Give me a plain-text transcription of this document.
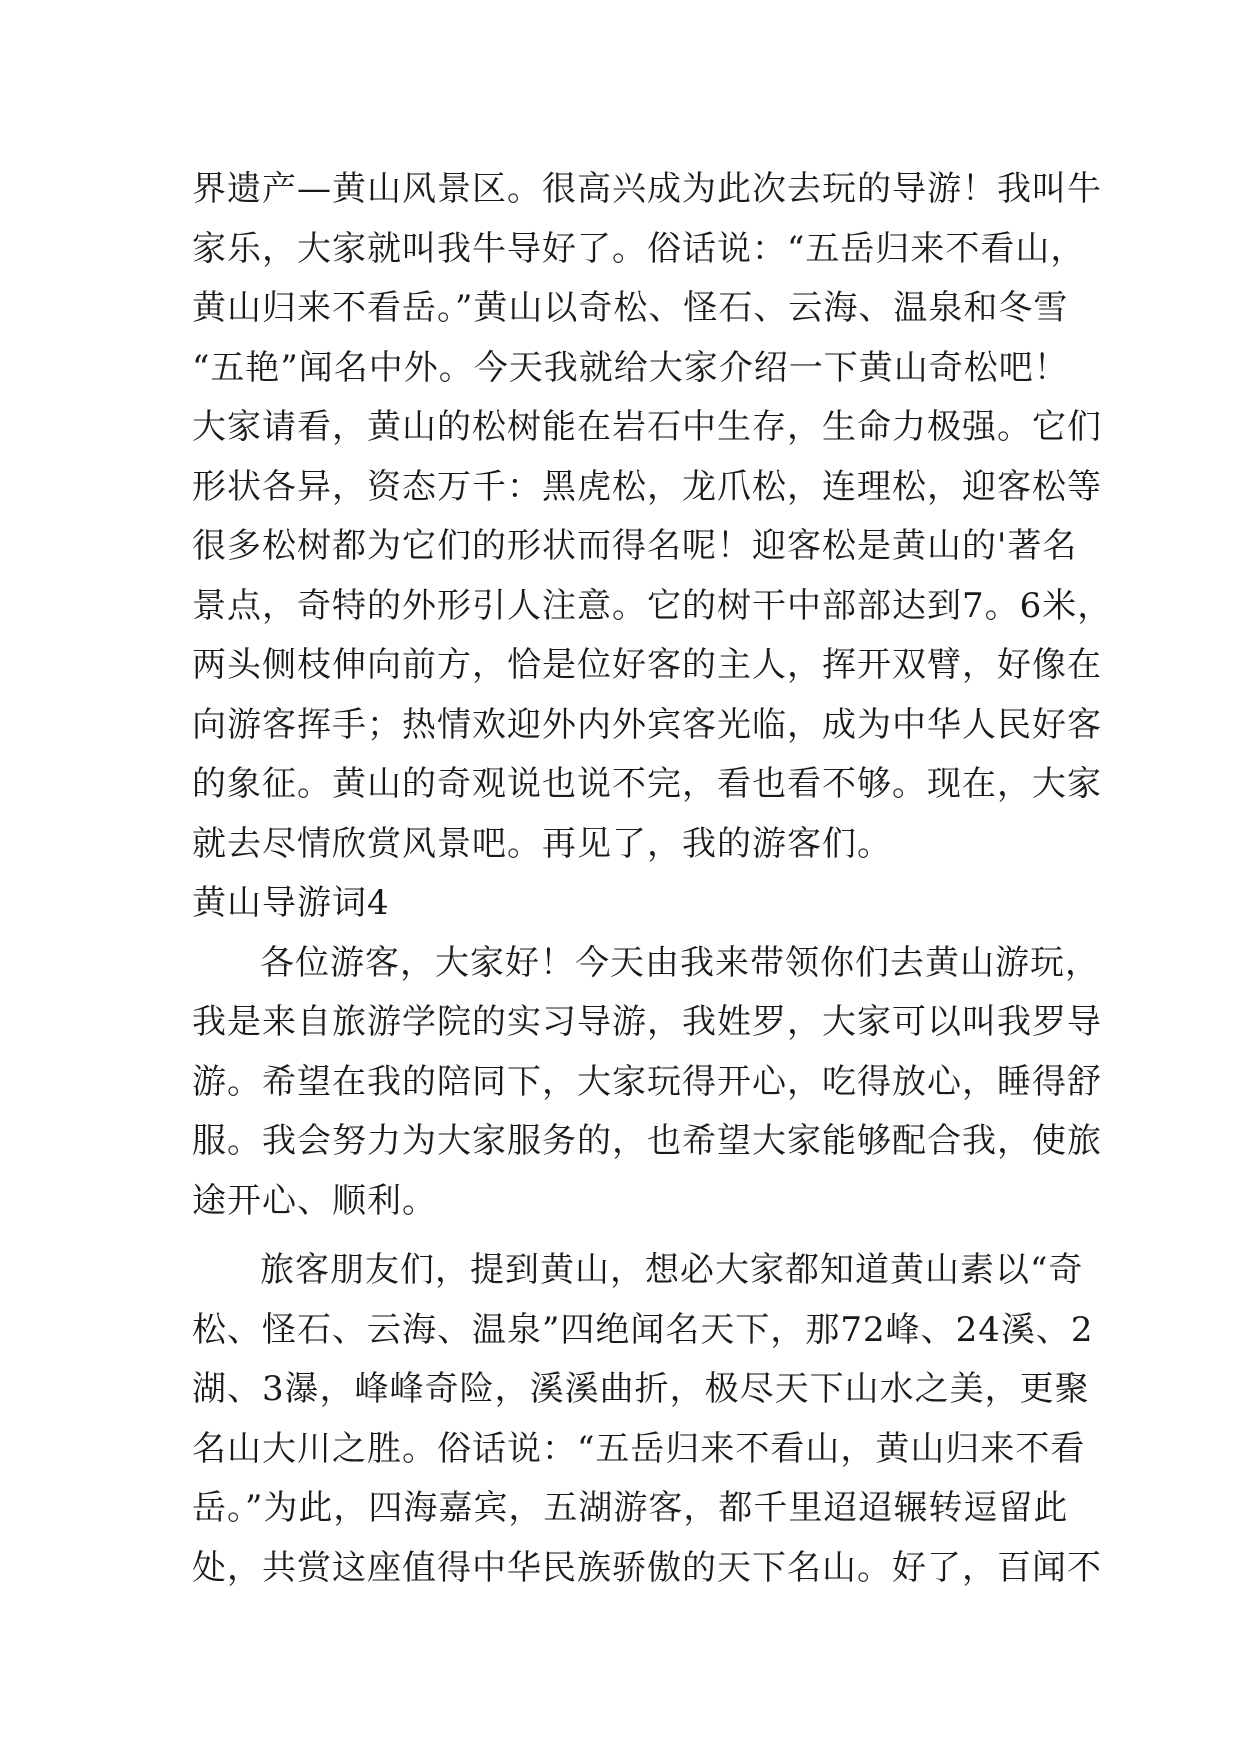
界遗产—黄山风景区。很高兴成为此次去玩的导游！我叫牛

家乐，大家就叫我牛导好了。俗话说：“五岳归来不看山，

黄山归来不看岳。”黄山以奇松、怪石、云海、温泉和冬雪

“五艳”闻名中外。今天我就给大家介绍一下黄山奇松吧！

大家请看，黄山的松树能在岩石中生存，生命力极强。它们

形状各异，资态万千：黑虎松，龙爪松，连理松，迎客松等

很多松树都为它们的形状而得名呢！迎客松是黄山的'著名

景点，奇特的外形引人注意。它的树干中部部达到7。6米，

两头侧枝伸向前方，恰是位好客的主人，挥开双臂，好像在

向游客挥手；热情欢迎外内外宾客光临，成为中华人民好客

的象征。黄山的奇观说也说不完，看也看不够。现在，大家

就去尽情欣赏风景吧。再见了，我的游客们。

黄山导游词4

各位游客，大家好！今天由我来带领你们去黄山游玩，

我是来自旅游学院的实习导游，我姓罗，大家可以叫我罗导

游。希望在我的陪同下，大家玩得开心，吃得放心，睡得舒

服。我会努力为大家服务的，也希望大家能够配合我，使旅

途开心、顺利。

旅客朋友们，提到黄山，想必大家都知道黄山素以“奇

松、怪石、云海、温泉”四绝闻名天下，那72峰、24溪、2

湖、3瀑，峰峰奇险，溪溪曲折，极尽天下山水之美，更聚

名山大川之胜。俗话说：“五岳归来不看山，黄山归来不看

岳。”为此，四海嘉宾，五湖游客，都千里迢迢辗转逗留此

处，共赏这座值得中华民族骄傲的天下名山。好了，百闻不
